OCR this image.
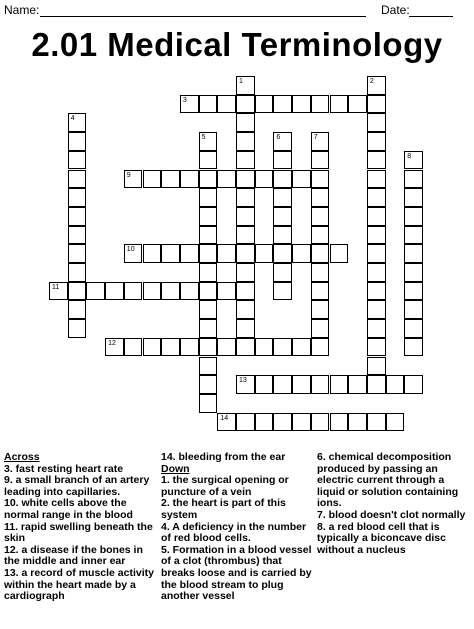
Name:	Date:
2.01 Medical Terminology
1	2
3
4
5	6	7
8
9
10
11
12
13
14
Across
3. fast resting heart rate
9. a small branch of an artery leading into capillaries.
10. white cells above the normal range in the blood
11. rapid swelling beneath the skin
12. a disease if the bones in the middle and inner ear
13. a record of muscle activity within the heart made by a cardiograph
14. bleeding from the ear
Down
1. the surgical opening or puncture of a vein
2. the heart is part of this system
4. A deficiency in the number of red blood cells.
5. Formation in a blood vessel of a clot (thrombus) that breaks loose and is carried by the blood stream to plug another vessel
6. chemical decomposition produced by passing an electric current through a liquid or solution containing ions.
7. blood doesn't clot normally
8. a red blood cell that is typically a biconcave disc without a nucleus
